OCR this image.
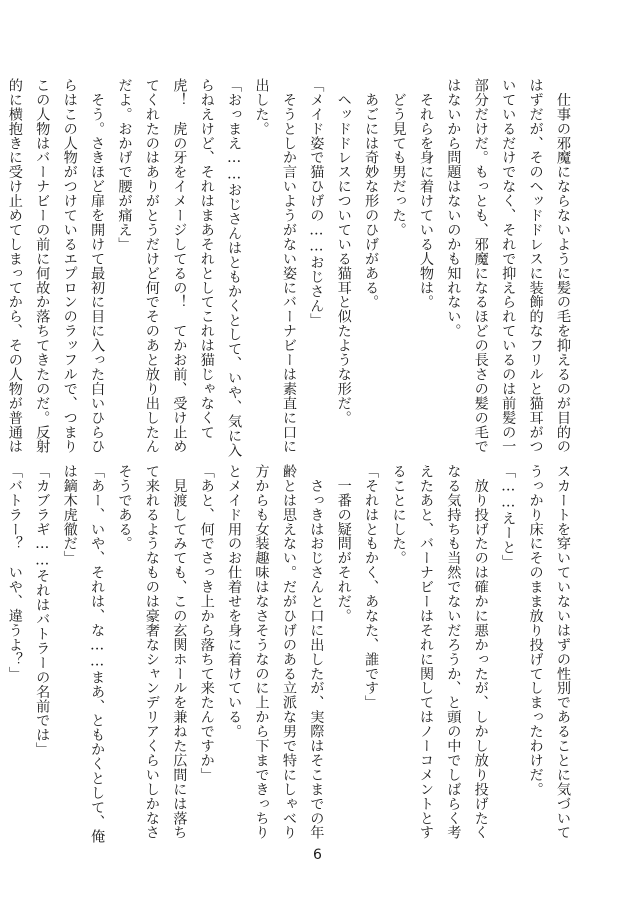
　仕事の邪魔にならないように髪の毛を抑えるのが目的の
はずだが、そのヘッドドレスに装飾的なフリルと猫耳がつ
いているだけでなく、それで抑えられているのは前髪の一
部分だけだ。もっとも、邪魔になるほどの長さの髪の毛で
はないから問題はないのかも知れない。
　それらを身に着けている人物は。
　どう見ても男だった。
　あごには奇妙な形のひげがある。
　ヘッドドレスについている猫耳と似たような形だ。
「メイド姿で猫ひげの……おじさん」
　そうとしか言いようがない姿にバーナビーは素直に口に
出した。
「おっまえ……おじさんはともかくとして、いや、気に入
らねえけど、それはまあそれとしてこれは猫じゃなくて
虎！　虎の牙をイメージしてるの！　てかお前、受け止め
てくれたのはありがとうだけど何でそのあと放り出したん
だよ。おかげで腰が痛え」
　そう。さきほど扉を開けて最初に目に入った白いひらひ
らはこの人物がつけているエプロンのラッフルで、つまり
この人物はバーナビーの前に何故か落ちてきたのだ。反射
的に横抱きに受け止めてしまってから、その人物が普通は
スカートを穿いていないはずの性別であることに気づいて
うっかり床にそのまま放り投げてしまったわけだ。
「……えーと」
　放り投げたのは確かに悪かったが、しかし放り投げたく
なる気持ちも当然でないだろうか、と頭の中でしばらく考
えたあと、バーナビーはそれに関してはノーコメントとす
ることにした。
「それはともかく、あなた、誰です」
　一番の疑問がそれだ。
　さっきはおじさんと口に出したが、実際はそこまでの年
齢とは思えない。だがひげのある立派な男で特にしゃべり
方からも女装趣味はなさそうなのに上から下まできっちり
とメイド用のお仕着せを身に着けている。
「あと、何でさっき上から落ちて来たんですか」
　見渡してみても、この玄関ホールを兼ねた広間には落ち
て来れるようなものは豪奢なシャンデリアくらいしかなさ
そうである。
「あー、いや、それは、な……まあ、ともかくとして、俺
は鏑木虎徹だ」
「カブラギ……それはバトラーの名前では」
「バトラー？　いや、違うよ？」
6
